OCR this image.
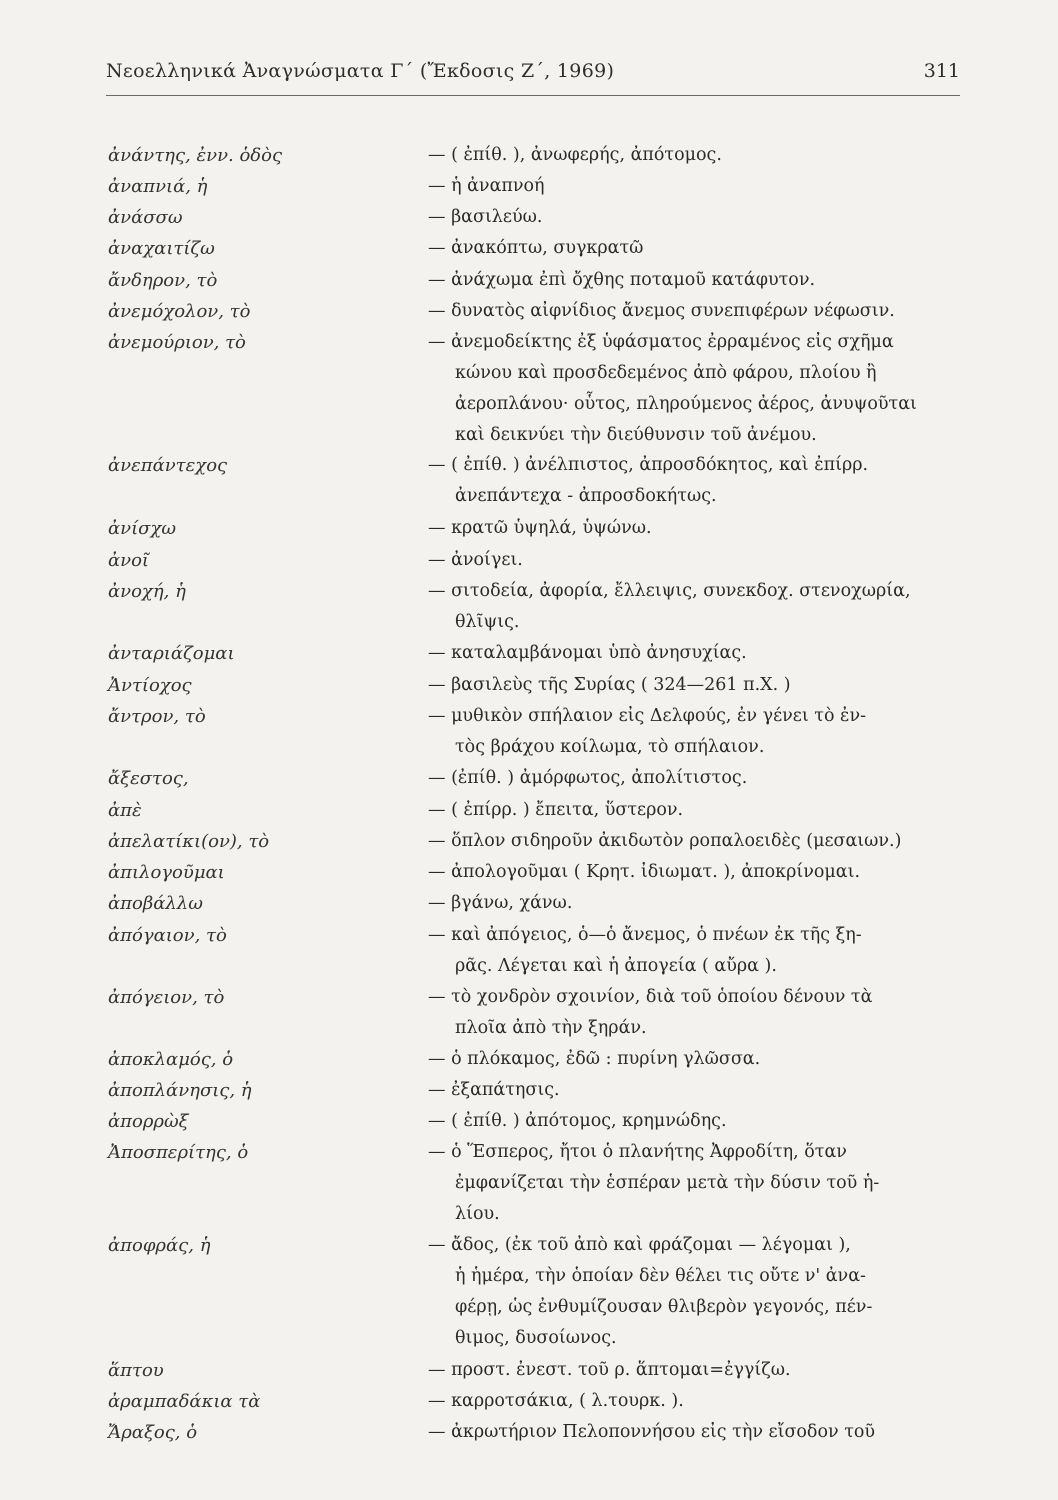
Νεοελληνικά Ἀναγνώσματα Γ΄ (Ἔκδοσις Ζ΄, 1969)	311
ἀνάντης, ἐνν. ὁδὸς	— ( ἐπίθ. ), ἀνωφερής, ἀπότομος.
ἀναπνιά, ἡ	— ἡ ἀναπνοή
ἀνάσσω	— βασιλεύω.
ἀναχαιτίζω	— ἀνακόπτω, συγκρατῶ
ἄνδηρον, τὸ	— ἀνάχωμα ἐπὶ ὄχθης ποταμοῦ κατάφυτον.
ἀνεμόχολον, τὸ	— δυνατὸς αἰφνίδιος ἄνεμος συνεπιφέρων νέφωσιν.
ἀνεμούριον, τὸ	— ἀνεμοδείκτης ἐξ ὑφάσματος ἐρραμένος εἰς σχῆμα
κώνου καὶ προσδεδεμένος ἀπὸ φάρου, πλοίου ἢ
ἀεροπλάνου· οὗτος, πληρούμενος ἀέρος, ἀνυψοῦται
καὶ δεικνύει τὴν διεύθυνσιν τοῦ ἀνέμου.
ἀνεπάντεχος	— ( ἐπίθ. ) ἀνέλπιστος, ἀπροσδόκητος, καὶ ἐπίρρ.
ἀνεπάντεχα - ἀπροσδοκήτως.
ἀνίσχω	— κρατῶ ὑψηλά, ὑψώνω.
ἀνοῖ	— ἀνοίγει.
ἀνοχή, ἡ	— σιτοδεία, ἀφορία, ἔλλειψις, συνεκδοχ. στενοχωρία,
θλῖψις.
ἀνταριάζομαι	— καταλαμβάνομαι ὑπὸ ἀνησυχίας.
Ἀντίοχος	— βασιλεὺς τῆς Συρίας ( 324—261 π.Χ. )
ἄντρον, τὸ	— μυθικὸν σπήλαιον εἰς Δελφούς, ἐν γένει τὸ ἐν-
τὸς βράχου κοίλωμα, τὸ σπήλαιον.
ἄξεστος,	— (ἐπίθ. ) ἀμόρφωτος, ἀπολίτιστος.
ἀπὲ	— ( ἐπίρρ. ) ἔπειτα, ὕστερον.
ἀπελατίκι(ον), τὸ	— ὅπλον σιδηροῦν ἀκιδωτὸν ροπαλοειδὲς (μεσαιων.)
ἀπιλογοῦμαι	— ἀπολογοῦμαι ( Κρητ. ἰδιωματ. ), ἀποκρίνομαι.
ἀποβάλλω	— βγάνω, χάνω.
ἀπόγαιον, τὸ	— καὶ ἀπόγειος, ὁ—ὁ ἄνεμος, ὁ πνέων ἐκ τῆς ξη-
ρᾶς. Λέγεται καὶ ἡ ἀπογεία ( αὔρα ).
ἀπόγειον, τὸ	— τὸ χονδρὸν σχοινίον, διὰ τοῦ ὁποίου δένουν τὰ
πλοῖα ἀπὸ τὴν ξηράν.
ἀποκλαμός, ὁ	— ὁ πλόκαμος, ἐδῶ : πυρίνη γλῶσσα.
ἀποπλάνησις, ἡ	— ἐξαπάτησις.
ἀπορρὼξ	— ( ἐπίθ. ) ἀπότομος, κρημνώδης.
Ἀποσπερίτης, ὁ	— ὁ Ἕσπερος, ἤτοι ὁ πλανήτης Ἀφροδίτη, ὅταν
ἐμφανίζεται τὴν ἑσπέραν μετὰ τὴν δύσιν τοῦ ἡ-
λίου.
ἀποφράς, ἡ	— ἄδος, (ἐκ τοῦ ἀπὸ καὶ φράζομαι — λέγομαι ),
ἡ ἡμέρα, τὴν ὁποίαν δὲν θέλει τις οὔτε ν' ἀνα-
φέρῃ, ὡς ἐνθυμίζουσαν θλιβερὸν γεγονός, πέν-
θιμος, δυσοίωνος.
ἅπτου	— προστ. ἐνεστ. τοῦ ρ. ἅπτομαι=ἐγγίζω.
ἀραμπαδάκια τὰ	— καρροτσάκια, ( λ.τουρκ. ).
Ἄραξος, ὁ	— ἀκρωτήριον Πελοποννήσου εἰς τὴν εἴσοδον τοῦ
